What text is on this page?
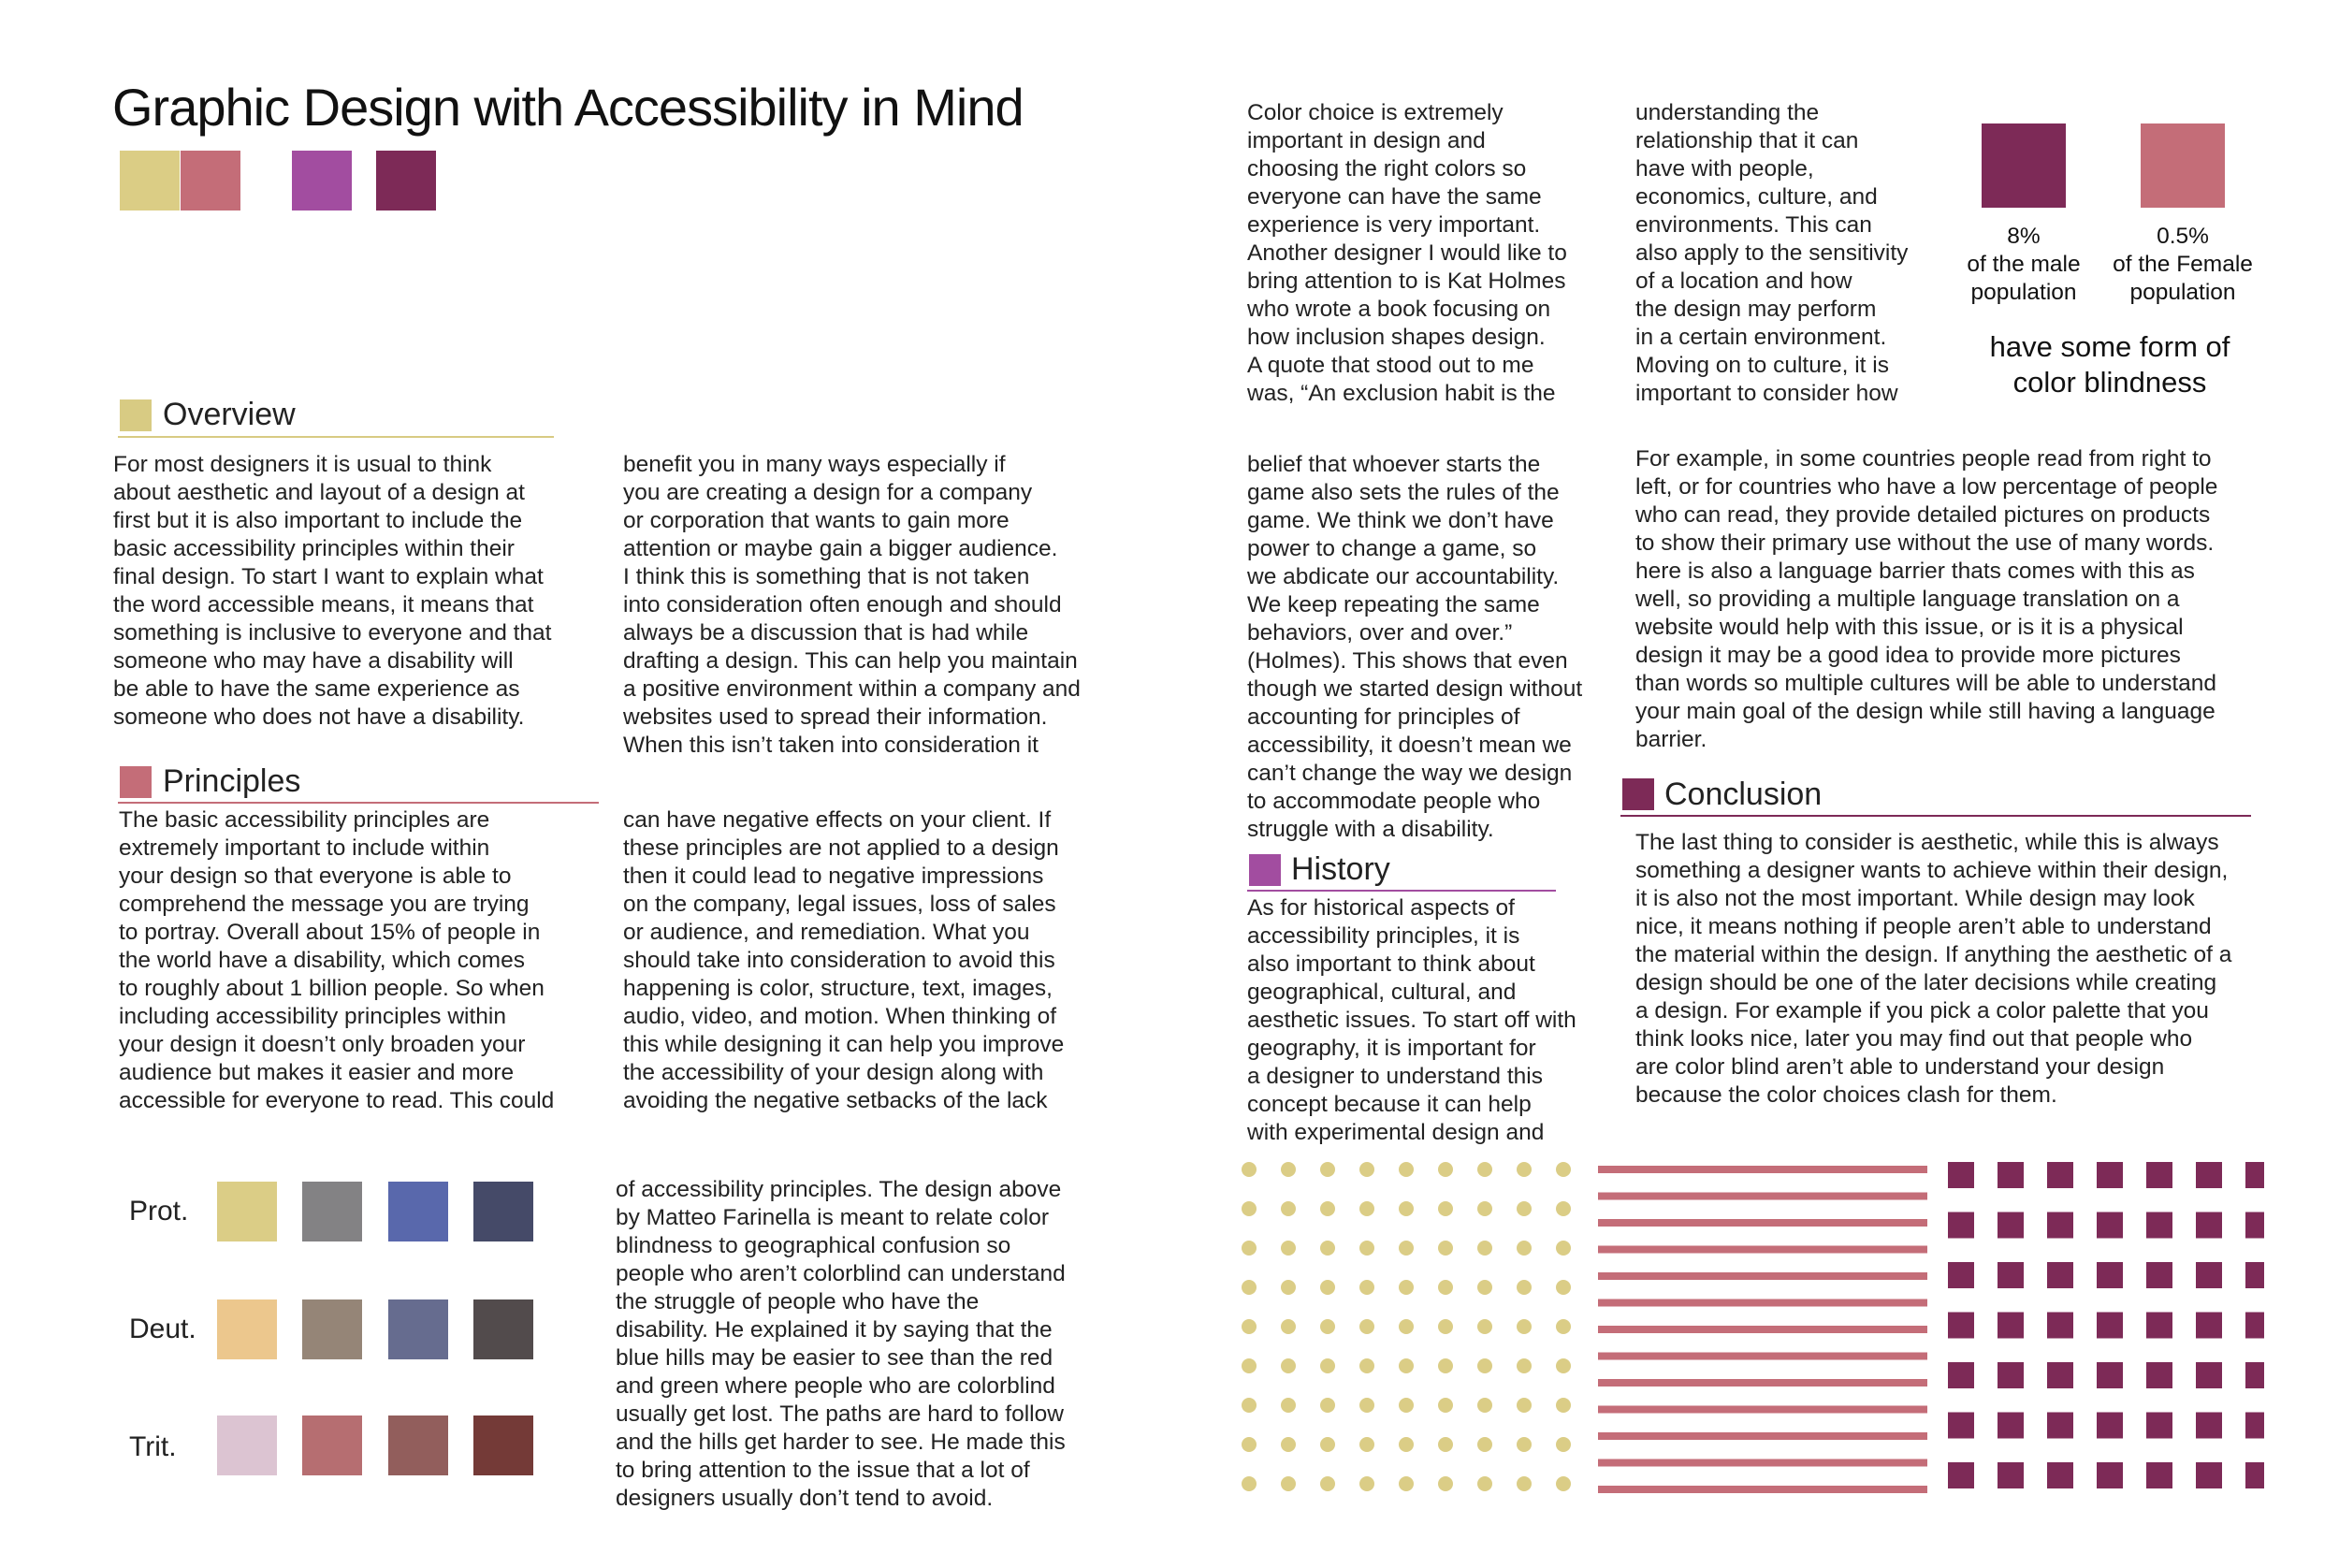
Graphic Design with Accessibility in Mind
Overview
For most designers it is usual to think
about aesthetic and layout of a design at
first but it is also important to include the
basic accessibility principles within their
final design. To start I want to explain what
the word accessible means, it means that
something is inclusive to everyone and that
someone who may have a disability will
be able to have the same experience as
someone who does not have a disability.
benefit you in many ways especially if
you are creating a design for a company
or corporation that wants to gain more
attention or maybe gain a bigger audience.
I think this is something that is not taken
into consideration often enough and should
always be a discussion that is had while
drafting a design. This can help you maintain
a positive environment within a company and
websites used to spread their information.
When this isn’t taken into consideration it
Principles
The basic accessibility principles are
extremely important to include within
your design so that everyone is able to
comprehend the message you are trying
to portray. Overall about 15% of people in
the world have a disability, which comes
to roughly about 1 billion people. So when
including accessibility principles within
your design it doesn’t only broaden your
audience but makes it easier and more
accessible for everyone to read. This could
can have negative effects on your client. If
these principles are not applied to a design
then it could lead to negative impressions
on the company, legal issues, loss of sales
or audience, and remediation. What you
should take into consideration to avoid this
happening is color, structure, text, images,
audio, video, and motion. When thinking of
this while designing it can help you improve
the accessibility of your design along with
avoiding the negative setbacks of the lack
of accessibility principles. The design above
by Matteo Farinella is meant to relate color
blindness to geographical confusion so
people who aren’t colorblind can understand
the struggle of people who have the
disability. He explained it by saying that the
blue hills may be easier to see than the red
and green where people who are colorblind
usually get lost. The paths are hard to follow
and the hills get harder to see. He made this
to bring attention to the issue that a lot of
designers usually don’t tend to avoid.
Prot.
Deut.
Trit.
Color choice is extremely
important in design and
choosing the right colors so
everyone can have the same
experience is very important.
Another designer I would like to
bring attention to is Kat Holmes
who wrote a book focusing on
how inclusion shapes design.
A quote that stood out to me
was, “An exclusion habit is the
understanding the
relationship that it can
have with people,
economics, culture, and
environments. This can
also apply to the sensitivity
of a location and how
the design may perform
in a certain environment.
Moving on to culture, it is
important to consider how
8%
of the male
population
0.5%
of the Female
population
have some form of
color blindness
belief that whoever starts the
game also sets the rules of the
game. We think we don’t have
power to change a game, so
we abdicate our accountability.
We keep repeating the same
behaviors, over and over.”
(Holmes). This shows that even
though we started design without
accounting for principles of
accessibility, it doesn’t mean we
can’t change the way we design
to accommodate people who
struggle with a disability.
For example, in some countries people read from right to
left, or for countries who have a low percentage of people
who can read, they provide detailed pictures on products
to show their primary use without the use of many words.
here is also a language barrier thats comes with this as
well, so providing a multiple language translation on a
website would help with this issue, or is it is a physical
design it may be a good idea to provide more pictures
than words so multiple cultures will be able to understand
your main goal of the design while still having a language
barrier.
History
As for historical aspects of
accessibility principles, it is
also important to think about
geographical, cultural, and
aesthetic issues. To start off with
geography, it is important for
a designer to understand this
concept because it can help
with experimental design and
Conclusion
The last thing to consider is aesthetic, while this is always
something a designer wants to achieve within their design,
it is also not the most important. While design may look
nice, it means nothing if people aren’t able to understand
the material within the design. If anything the aesthetic of a
design should be one of the later decisions while creating
a design. For example if you pick a color palette that you
think looks nice, later you may find out that people who
are color blind aren’t able to understand your design
because the color choices clash for them.
